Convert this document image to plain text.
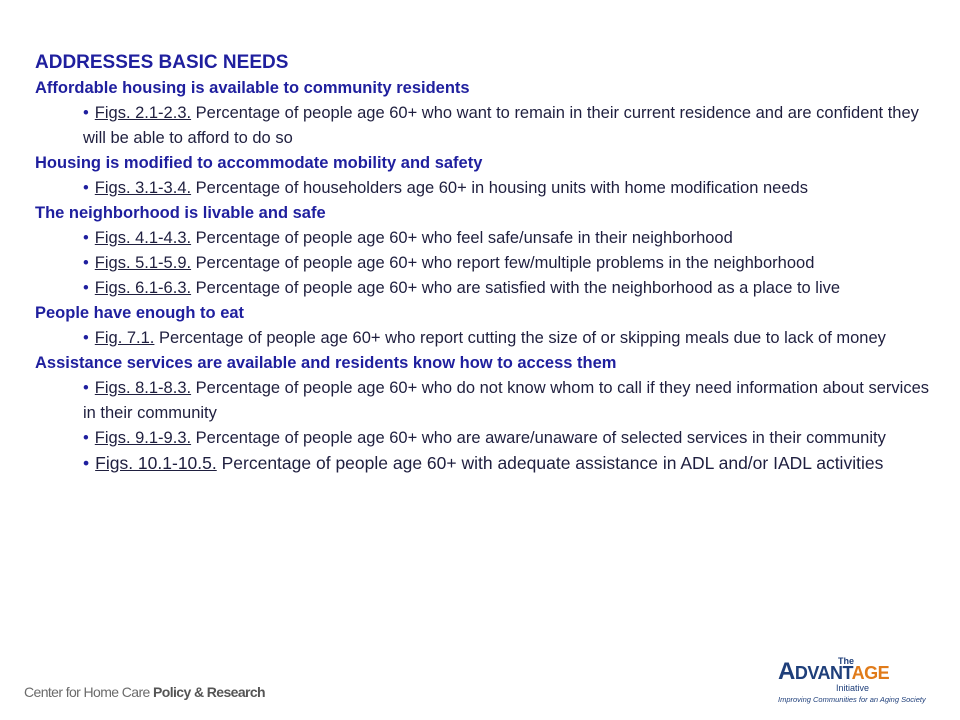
ADDRESSES BASIC NEEDS
Affordable housing is available to community residents
• Figs. 2.1-2.3. Percentage of people age 60+ who want to remain in their current residence and are confident they will be able to afford to do so
Housing is modified to accommodate mobility and safety
• Figs. 3.1-3.4. Percentage of householders age 60+ in housing units with home modification needs
The neighborhood is livable and safe
• Figs. 4.1-4.3. Percentage of people age 60+ who feel safe/unsafe in their neighborhood
• Figs. 5.1-5.9. Percentage of people age 60+ who report few/multiple problems in the neighborhood
• Figs. 6.1-6.3. Percentage of people age 60+ who are satisfied with the neighborhood as a place to live
People have enough to eat
• Fig. 7.1. Percentage of people age 60+ who report cutting the size of or skipping meals due to lack of money
Assistance services are available and residents know how to access them
• Figs. 8.1-8.3. Percentage of people age 60+ who do not know whom to call if they need information about services in their community
• Figs. 9.1-9.3. Percentage of people age 60+ who are aware/unaware of selected services in their community
• Figs. 10.1-10.5. Percentage of people age 60+ with adequate assistance in ADL and/or IADL activities
Center for Home Care Policy & Research
The
ADVANTAGE
Initiative
Improving Communities for an Aging Society
